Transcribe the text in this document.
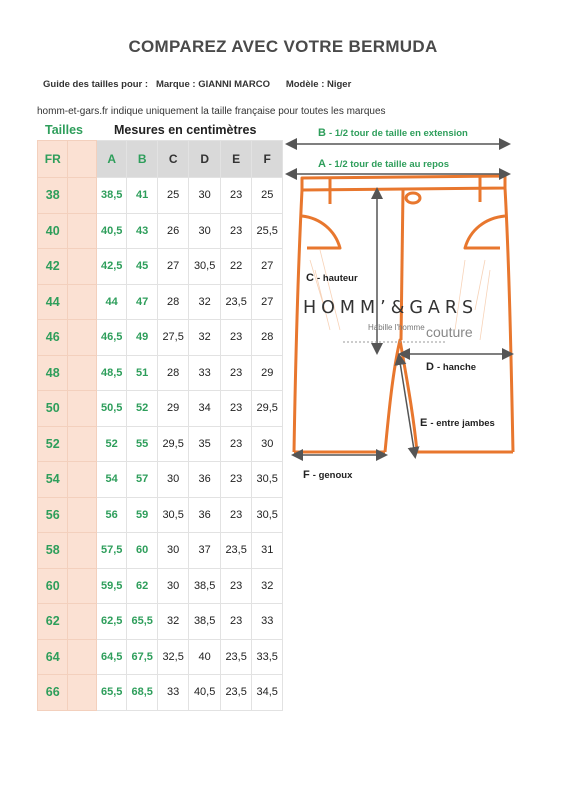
COMPAREZ AVEC VOTRE BERMUDA
Guide des tailles pour : Marque : GIANNI MARCO Modèle : Niger
homm-et-gars.fr indique uniquement la taille française pour toutes les marques
Tailles Mesures en centimètres
FR		A	B	C	D	E	F
38		38,5	41	25	30	23	25
40		40,5	43	26	30	23	25,5
42		42,5	45	27	30,5	22	27
44		44	47	28	32	23,5	27
46		46,5	49	27,5	32	23	28
48		48,5	51	28	33	23	29
50		50,5	52	29	34	23	29,5
52		52	55	29,5	35	23	30
54		54	57	30	36	23	30,5
56		56	59	30,5	36	23	30,5
58		57,5	60	30	37	23,5	31
60		59,5	62	30	38,5	23	32
62		62,5	65,5	32	38,5	23	33
64		64,5	67,5	32,5	40	23,5	33,5
66		65,5	68,5	33	40,5	23,5	34,5
B - 1/2 tour de taille en extension
A - 1/2 tour de taille au repos
C - hauteur
D - hanche
E - entre jambes
F - genoux
HOMM’&GARS
Habille l'homme couture
